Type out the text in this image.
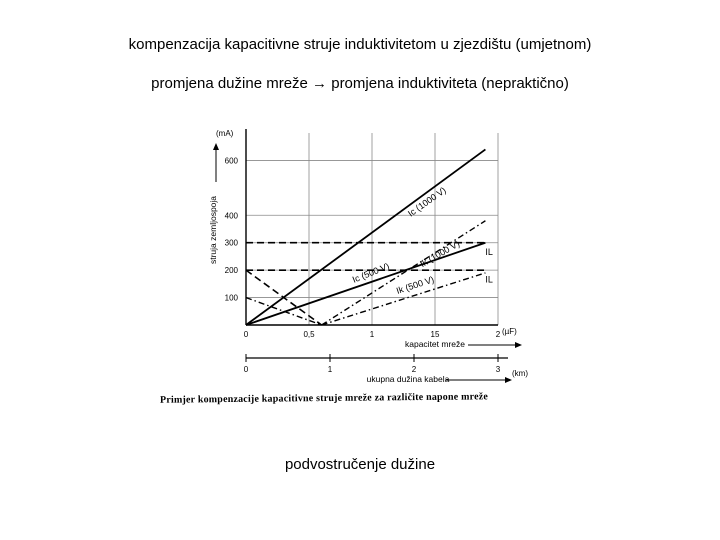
kompenzacija kapacitivne struje induktivitetom u zjezdištu (umjetnom)
promjena dužine mreže → promjena induktiviteta (nepraktično)
100
200
300
400
600
0	0,5	1	15	2
(mA)
struja zemljospoja
(µF)
kapacitet mreže
0	1	2	3 (km)
ukupna dužina kabela
Ic (1000 V)
Ik (1000 V)
Ic (500 V)
Ik (500 V)
IL
IL
Primjer kompenzacije kapacitivne struje mreže za različite napone mreže
podvostručenje dužine
